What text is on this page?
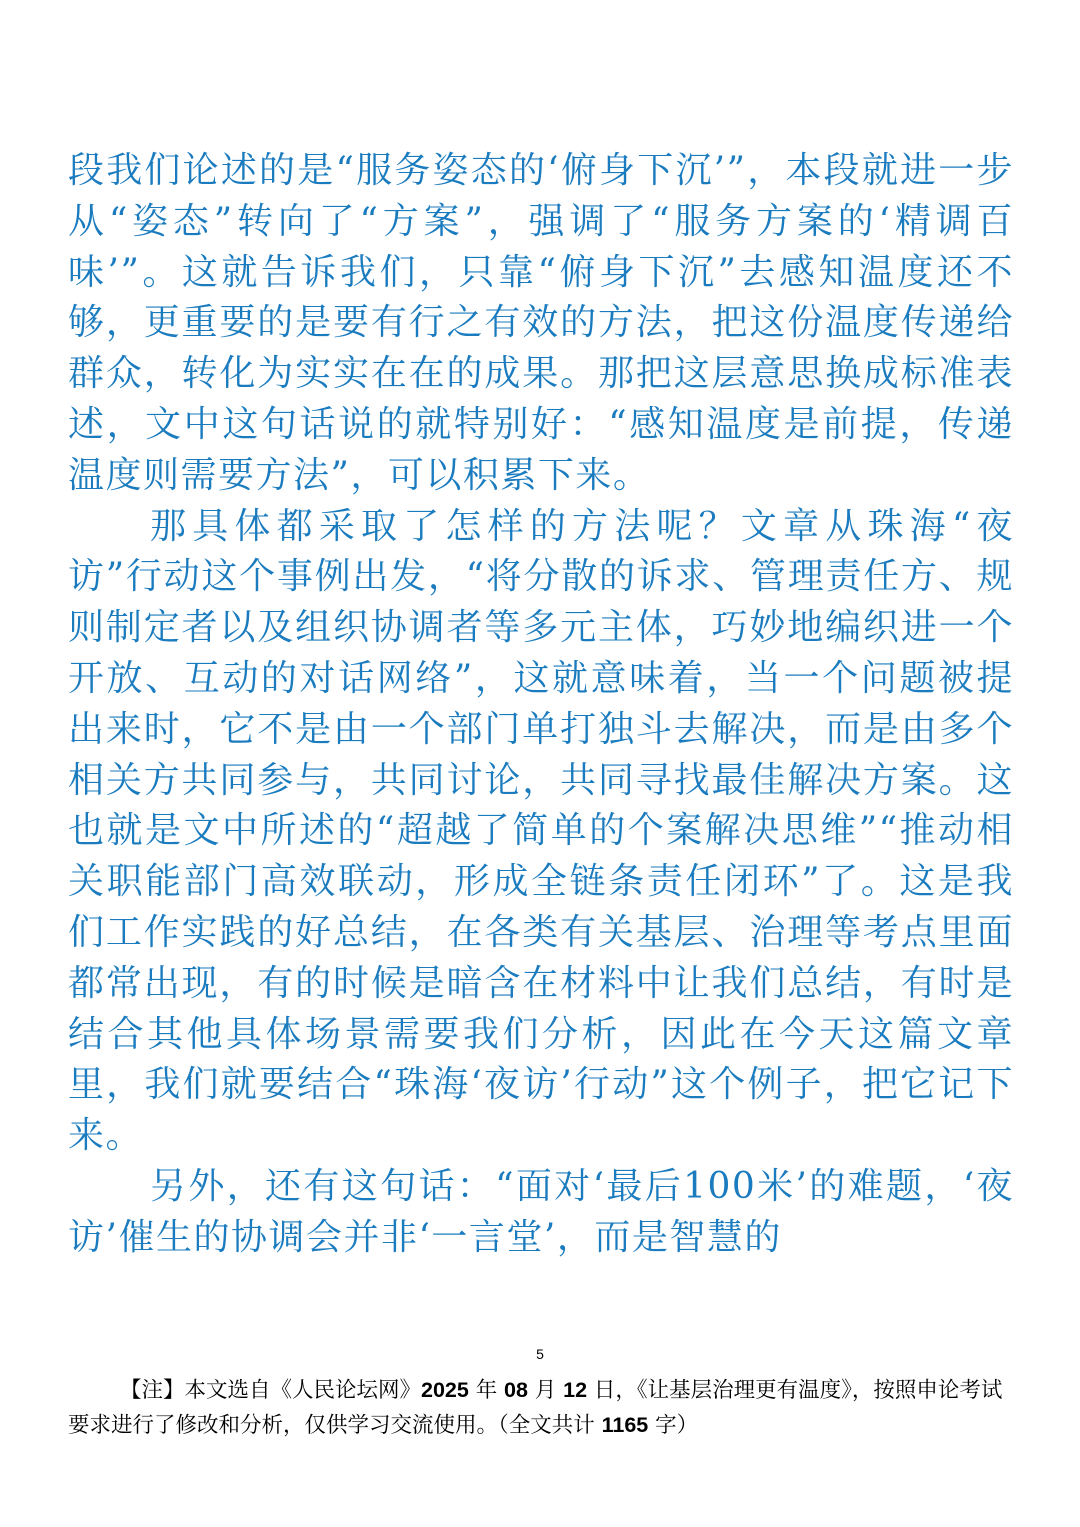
段我们论述的是“服务姿态的‘俯身下沉’”，本段就进一步从“姿态”转向了“方案”，强调了“服务方案的‘精调百味’”。这就告诉我们，只靠“俯身下沉”去感知温度还不够，更重要的是要有行之有效的方法，把这份温度传递给群众，转化为实实在在的成果。那把这层意思换成标准表述，文中这句话说的就特别好：“感知温度是前提，传递温度则需要方法”，可以积累下来。

那具体都采取了怎样的方法呢？文章从珠海“夜访”行动这个事例出发，“将分散的诉求、管理责任方、规则制定者以及组织协调者等多元主体，巧妙地编织进一个开放、互动的对话网络”，这就意味着，当一个问题被提出来时，它不是由一个部门单打独斗去解决，而是由多个相关方共同参与，共同讨论，共同寻找最佳解决方案。这也就是文中所述的“超越了简单的个案解决思维”“推动相关职能部门高效联动，形成全链条责任闭环”了。这是我们工作实践的好总结，在各类有关基层、治理等考点里面都常出现，有的时候是暗含在材料中让我们总结，有时是结合其他具体场景需要我们分析，因此在今天这篇文章里，我们就要结合“珠海‘夜访’行动”这个例子，把它记下来。

另外，还有这句话：“面对‘最后100米’的难题，‘夜访’催生的协调会并非‘一言堂’，而是智慧的

5

【注】本文选自《人民论坛网》2025 年 08 月 12 日，《让基层治理更有温度》，按照申论考试要求进行了修改和分析，仅供学习交流使用。（全文共计 1165 字）
